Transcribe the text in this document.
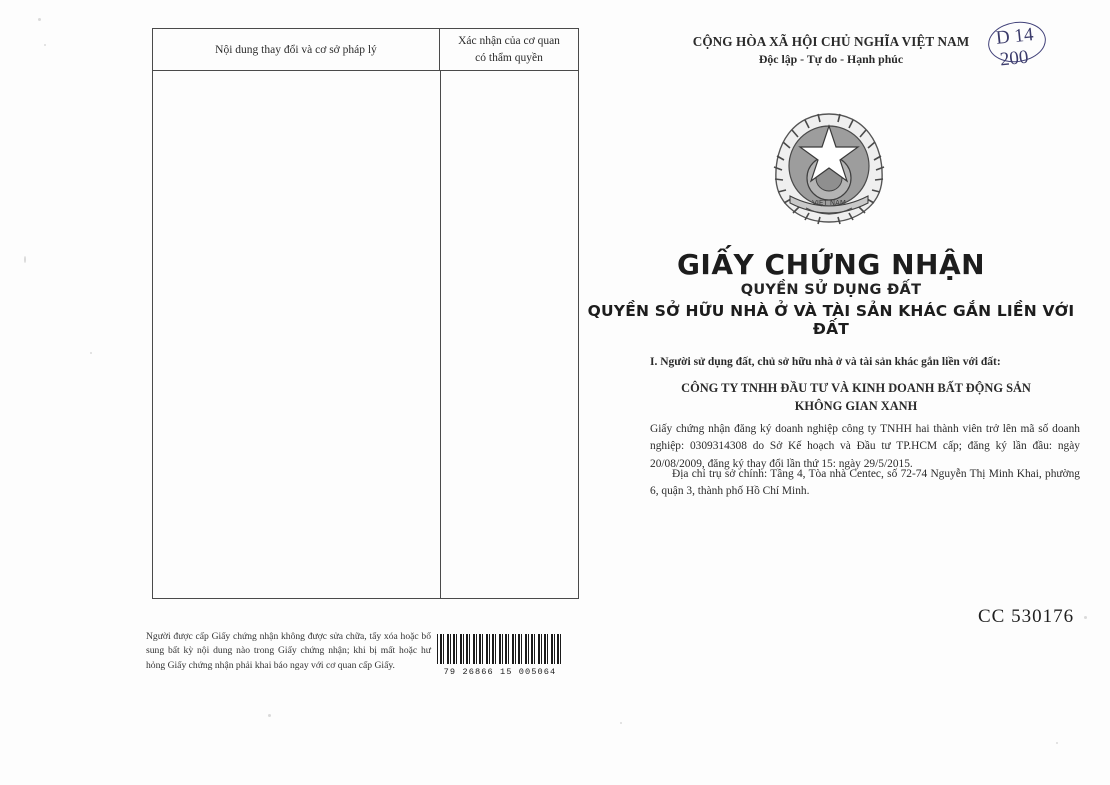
Nội dung thay đổi và cơ sở pháp lý
Xác nhận của cơ quan
có thẩm quyền
Người được cấp Giấy chứng nhận không được sửa chữa, tẩy xóa hoặc bổ sung bất kỳ nội dung nào trong Giấy chứng nhận; khi bị mất hoặc hư hỏng Giấy chứng nhận phải khai báo ngay với cơ quan cấp Giấy.
79 26866 15 005064
CỘNG HÒA XÃ HỘI CHỦ NGHĨA VIỆT NAM
Độc lập - Tự do - Hạnh phúc
D 14
200
VIỆT NAM
GIẤY CHỨNG NHẬN
QUYỀN SỬ DỤNG ĐẤT
QUYỀN SỞ HỮU NHÀ Ở VÀ TÀI SẢN KHÁC GẮN LIỀN VỚI ĐẤT
I. Người sử dụng đất, chủ sở hữu nhà ở và tài sản khác gắn liền với đất:
CÔNG TY TNHH ĐẦU TƯ VÀ KINH DOANH BẤT ĐỘNG SẢN
KHÔNG GIAN XANH
Giấy chứng nhận đăng ký doanh nghiệp công ty TNHH hai thành viên trở lên mã số doanh nghiệp: 0309314308 do Sở Kế hoạch và Đầu tư TP.HCM cấp; đăng ký lần đầu: ngày 20/08/2009, đăng ký thay đổi lần thứ 15: ngày 29/5/2015.
Địa chỉ trụ sở chính: Tầng 4, Tòa nhà Centec, số 72-74 Nguyễn Thị Minh Khai, phường 6, quận 3, thành phố Hồ Chí Minh.
CC 530176
